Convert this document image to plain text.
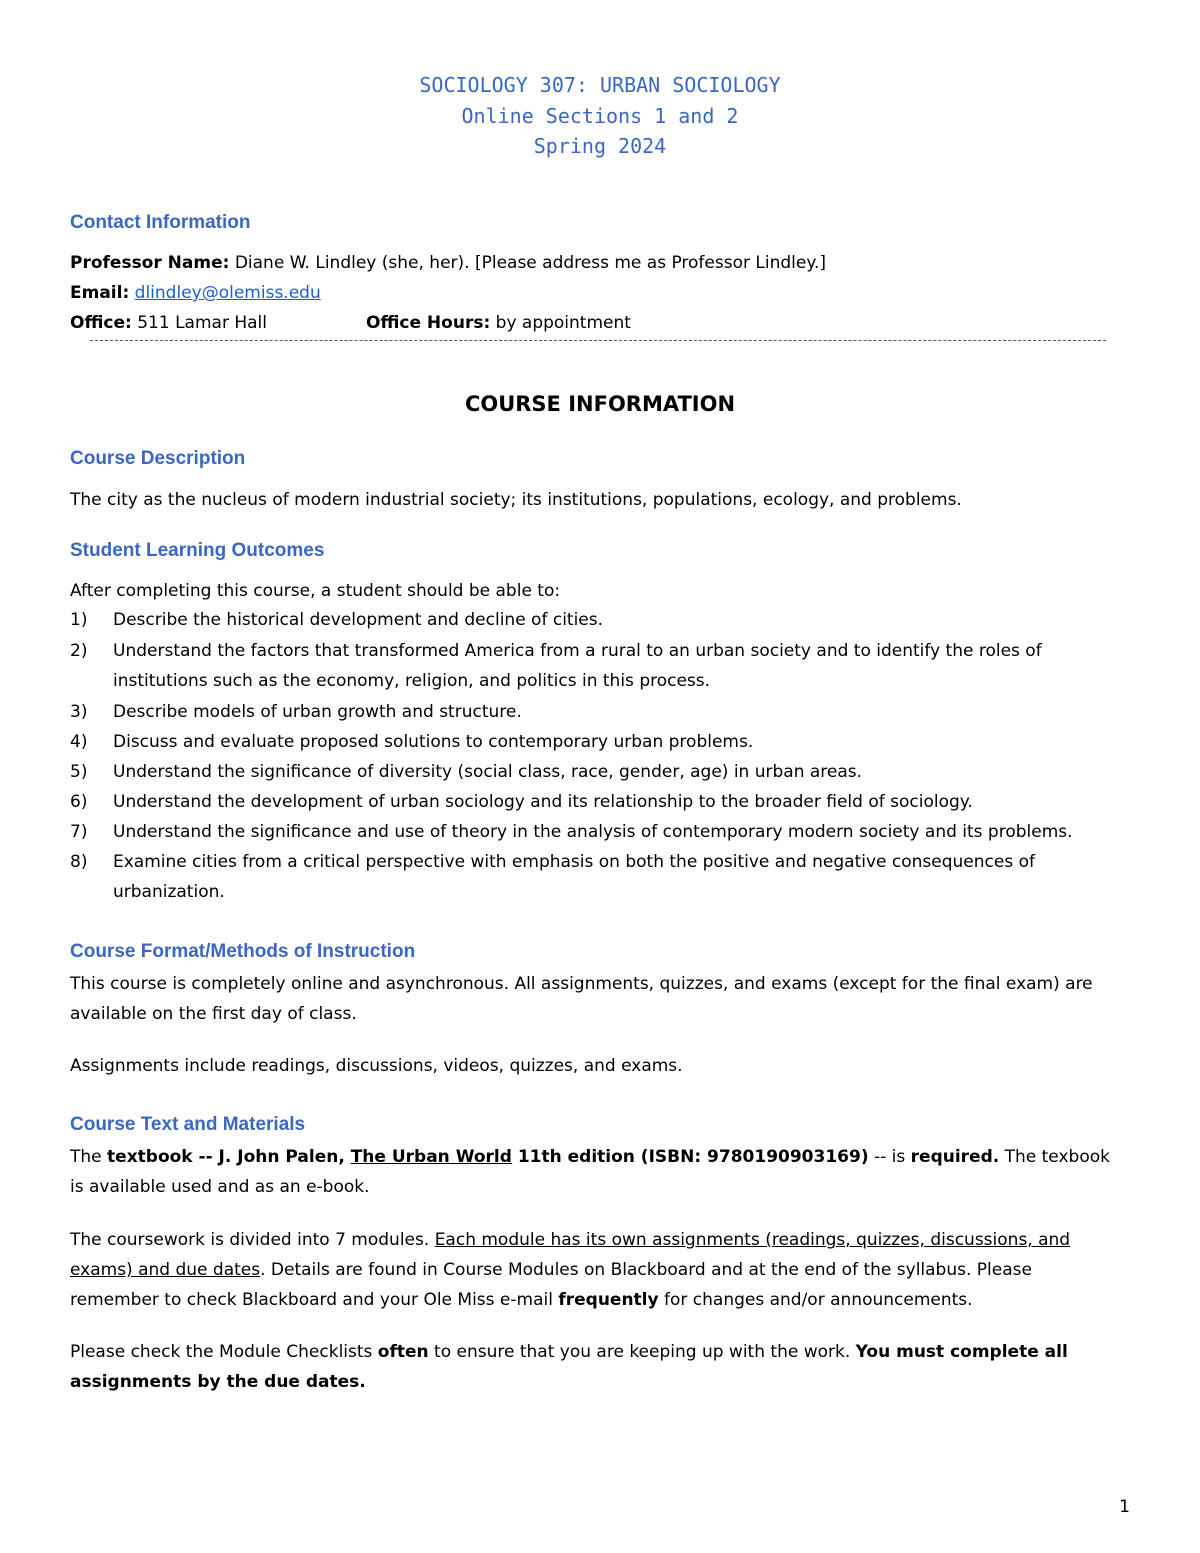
SOCIOLOGY 307: URBAN SOCIOLOGY
Online Sections 1 and 2
Spring 2024
Contact Information
Professor Name: Diane W. Lindley (she, her). [Please address me as Professor Lindley.]
Email: dlindley@olemiss.edu
Office: 511 Lamar Hall	Office Hours: by appointment
COURSE INFORMATION
Course Description
The city as the nucleus of modern industrial society; its institutions, populations, ecology, and problems.
Student Learning Outcomes
After completing this course, a student should be able to:
1) Describe the historical development and decline of cities.
2) Understand the factors that transformed America from a rural to an urban society and to identify the roles of institutions such as the economy, religion, and politics in this process.
3) Describe models of urban growth and structure.
4) Discuss and evaluate proposed solutions to contemporary urban problems.
5) Understand the significance of diversity (social class, race, gender, age) in urban areas.
6) Understand the development of urban sociology and its relationship to the broader field of sociology.
7) Understand the significance and use of theory in the analysis of contemporary modern society and its problems.
8) Examine cities from a critical perspective with emphasis on both the positive and negative consequences of urbanization.
Course Format/Methods of Instruction
This course is completely online and asynchronous. All assignments, quizzes, and exams (except for the final exam) are available on the first day of class.
Assignments include readings, discussions, videos, quizzes, and exams.
Course Text and Materials
The textbook -- J. John Palen, The Urban World 11th edition (ISBN: 9780190903169) -- is required. The texbook is available used and as an e-book.
The coursework is divided into 7 modules. Each module has its own assignments (readings, quizzes, discussions, and exams) and due dates. Details are found in Course Modules on Blackboard and at the end of the syllabus. Please remember to check Blackboard and your Ole Miss e-mail frequently for changes and/or announcements.
Please check the Module Checklists often to ensure that you are keeping up with the work. You must complete all assignments by the due dates.
1
